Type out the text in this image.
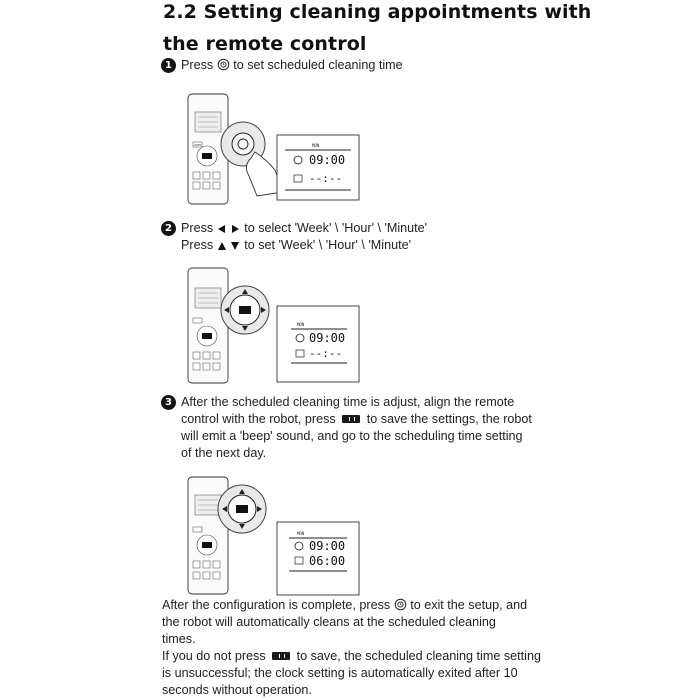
2.2 Setting cleaning appointments with
the remote control
1 Press to set scheduled cleaning time
AUTO	MON
09:00
--:--
2 Press to select 'Week' \ 'Hour' \ 'Minute'
Press to set 'Week' \ 'Hour' \ 'Minute'
MON
09:00
--:--
3 After the scheduled cleaning time is adjust, align the remote
control with the robot, press to save the settings, the robot
will emit a 'beep' sound, and go to the scheduling time setting
of the next day.
MON
09:00
06:00
After the configuration is complete, press to exit the setup, and
the robot will automatically cleans at the scheduled cleaning
times.
If you do not press to save, the scheduled cleaning time setting
is unsuccessful; the clock setting is automatically exited after 10
seconds without operation.
